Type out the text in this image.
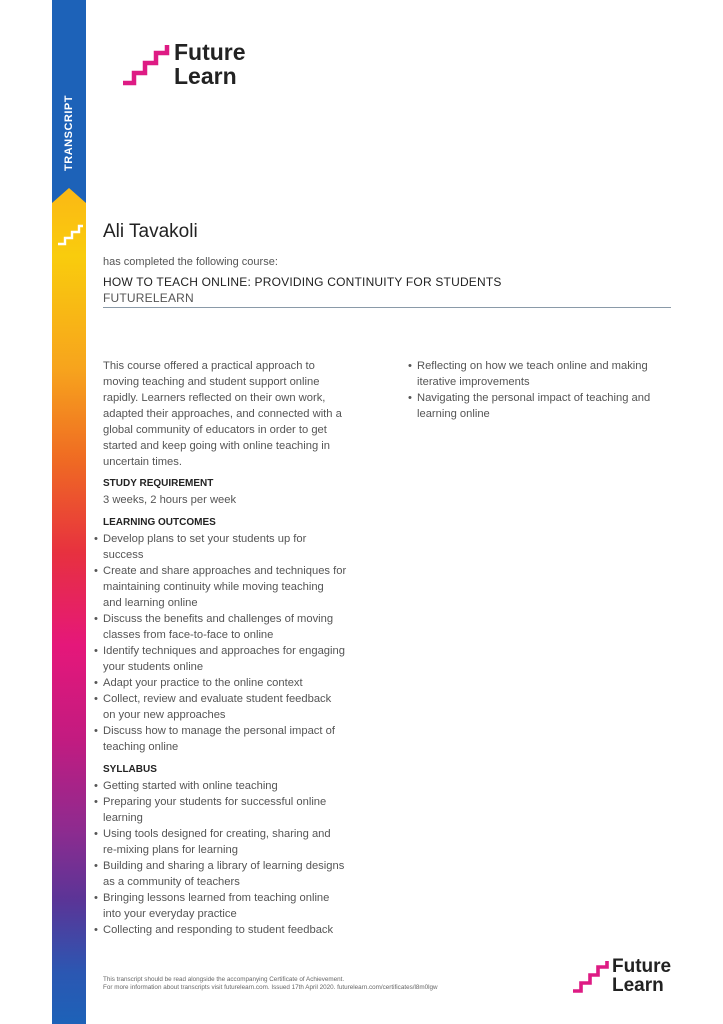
TRANSCRIPT
Future
Learn
Ali Tavakoli
has completed the following course:
HOW TO TEACH ONLINE: PROVIDING CONTINUITY FOR STUDENTS
FUTURELEARN

This course offered a practical approach to
moving teaching and student support online
rapidly. Learners reflected on their own work,
adapted their approaches, and connected with a
global community of educators in order to get
started and keep going with online teaching in
uncertain times.

STUDY REQUIREMENT

3 weeks, 2 hours per week

LEARNING OUTCOMES

• Develop plans to set your students up for
success
• Create and share approaches and techniques for
maintaining continuity while moving teaching
and learning online
• Discuss the benefits and challenges of moving
classes from face-to-face to online
• Identify techniques and approaches for engaging
your students online
• Adapt your practice to the online context
• Collect, review and evaluate student feedback
on your new approaches
• Discuss how to manage the personal impact of
teaching online

SYLLABUS

• Getting started with online teaching
• Preparing your students for successful online
learning
• Using tools designed for creating, sharing and
re-mixing plans for learning
• Building and sharing a library of learning designs
as a community of teachers
• Bringing lessons learned from teaching online
into your everyday practice
• Collecting and responding to student feedback
• Reflecting on how we teach online and making
iterative improvements
• Navigating the personal impact of teaching and
learning online
This transcript should be read alongside the accompanying Certificate of Achievement.
For more information about transcripts visit futurelearn.com. Issued 17th April 2020. futurelearn.com/certificates/l8m0lgw
Future
Learn
